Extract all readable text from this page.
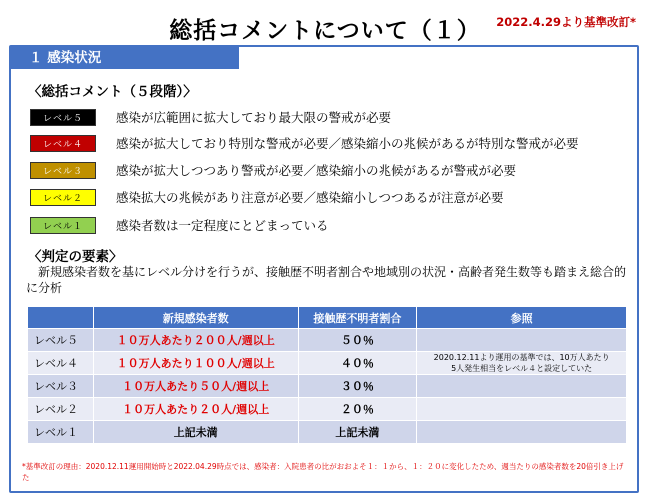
総括コメントについて（１）	2022.4.29より基準改訂*
１ 感染状況
〈総括コメント（５段階）〉
レベル５	感染が広範囲に拡大しており最大限の警戒が必要
レベル４	感染が拡大しており特別な警戒が必要／感染縮小の兆候があるが特別な警戒が必要
レベル３	感染が拡大しつつあり警戒が必要／感染縮小の兆候があるが警戒が必要
レベル２	感染拡大の兆候があり注意が必要／感染縮小しつつあるが注意が必要
レベル１	感染者数は一定程度にとどまっている
〈判定の要素〉
　新規感染者数を基にレベル分けを行うが、接触歴不明者割合や地域別の状況・高齢者発生数等も踏まえ総合的に分析
	新規感染者数	接触歴不明者割合	参照
レベル５	１０万人あたり２００人/週以上	５０％	
レベル４	１０万人あたり１００人/週以上	４０％	2020.12.11より運用の基準では、10万人あたり
5人発生相当をレベル４と設定していた
レベル３	１０万人あたり５０人/週以上	３０％	
レベル２	１０万人あたり２０人/週以上	２０％	
レベル１	上記未満	上記未満	
*基準改訂の理由：2020.12.11運用開始時と2022.04.29時点では、感染者：入院患者の比がおおよそ１：１から、１：２０に変化したため、週当たりの感染者数を20倍引き上げた
